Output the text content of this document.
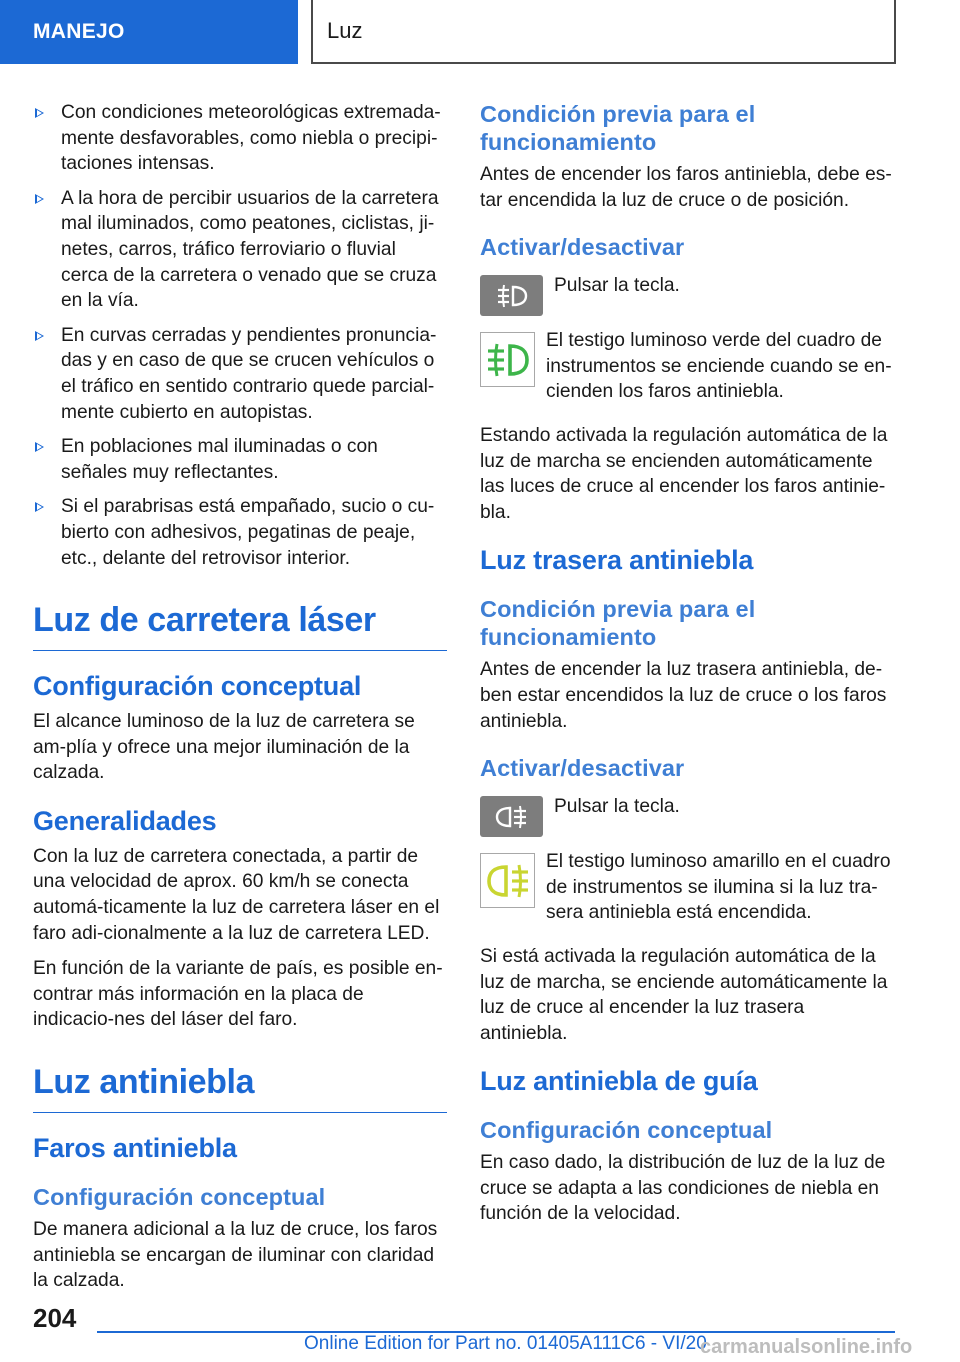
MANEJO	Luz
Con condiciones meteorológicas extremada-mente desfavorables, como niebla o precipi-taciones intensas.
A la hora de percibir usuarios de la carretera mal iluminados, como peatones, ciclistas, ji-netes, carros, tráfico ferroviario o fluvial cerca de la carretera o venado que se cruza en la vía.
En curvas cerradas y pendientes pronuncia-das y en caso de que se crucen vehículos o el tráfico en sentido contrario quede parcial-mente cubierto en autopistas.
En poblaciones mal iluminadas o con señales muy reflectantes.
Si el parabrisas está empañado, sucio o cu-bierto con adhesivos, pegatinas de peaje, etc., delante del retrovisor interior.
Luz de carretera láser
Configuración conceptual

El alcance luminoso de la luz de carretera se am-plía y ofrece una mejor iluminación de la calzada.

Generalidades

Con la luz de carretera conectada, a partir de una velocidad de aprox. 60 km/h se conecta automá-ticamente la luz de carretera láser en el faro adi-cionalmente a la luz de carretera LED.

En función de la variante de país, es posible en-contrar más información en la placa de indicacio-nes del láser del faro.

Luz antiniebla
Faros antiniebla
Configuración conceptual

De manera adicional a la luz de cruce, los faros antiniebla se encargan de iluminar con claridad la calzada.

Condición previa para el funcionamiento

Antes de encender los faros antiniebla, debe es-tar encendida la luz de cruce o de posición.

Activar/desactivar
Pulsar la tecla.
El testigo luminoso verde del cuadro de instrumentos se enciende cuando se en-cienden los faros antiniebla.

Estando activada la regulación automática de la luz de marcha se encienden automáticamente las luces de cruce al encender los faros antinie-bla.

Luz trasera antiniebla
Condición previa para el funcionamiento

Antes de encender la luz trasera antiniebla, de-ben estar encendidos la luz de cruce o los faros antiniebla.

Activar/desactivar
Pulsar la tecla.
El testigo luminoso amarillo en el cuadro de instrumentos se ilumina si la luz tra-sera antiniebla está encendida.

Si está activada la regulación automática de la luz de marcha, se enciende automáticamente la luz de cruce al encender la luz trasera antiniebla.

Luz antiniebla de guía
Configuración conceptual

En caso dado, la distribución de luz de la luz de cruce se adapta a las condiciones de niebla en función de la velocidad.

204
Online Edition for Part no. 01405A111C6 - VI/20
carmanualsonline.info
